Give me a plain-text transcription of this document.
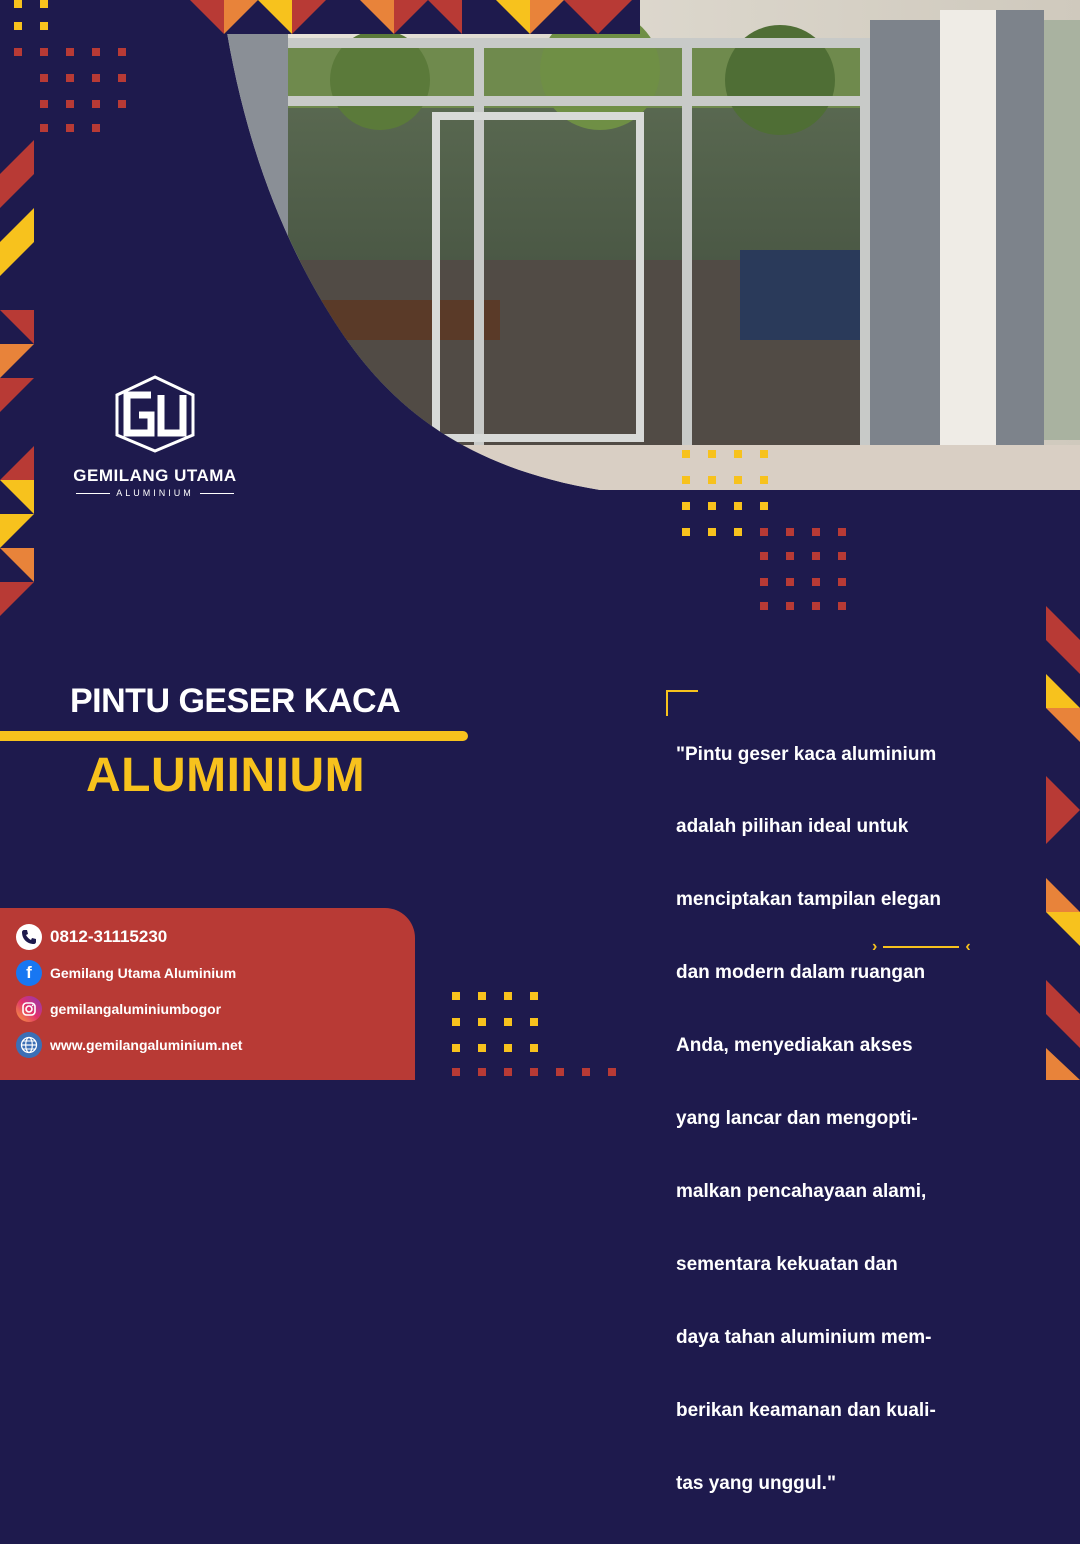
GEMILANG UTAMA
ALUMINIUM
PINTU GESER KACA
ALUMINIUM

	"Pintu geser kaca aluminium

adalah pilihan ideal untuk

menciptakan tampilan elegan

dan modern dalam ruangan

Anda, menyediakan akses

yang lancar dan mengopti-

malkan pencahayaan alami,

sementara kekuatan dan

daya tahan aluminium mem-

berikan keamanan dan kuali-

tas yang unggul."

›	‹
0812-31115230
f Gemilang Utama Aluminium
gemilangaluminiumbogor
www.gemilangaluminium.net
